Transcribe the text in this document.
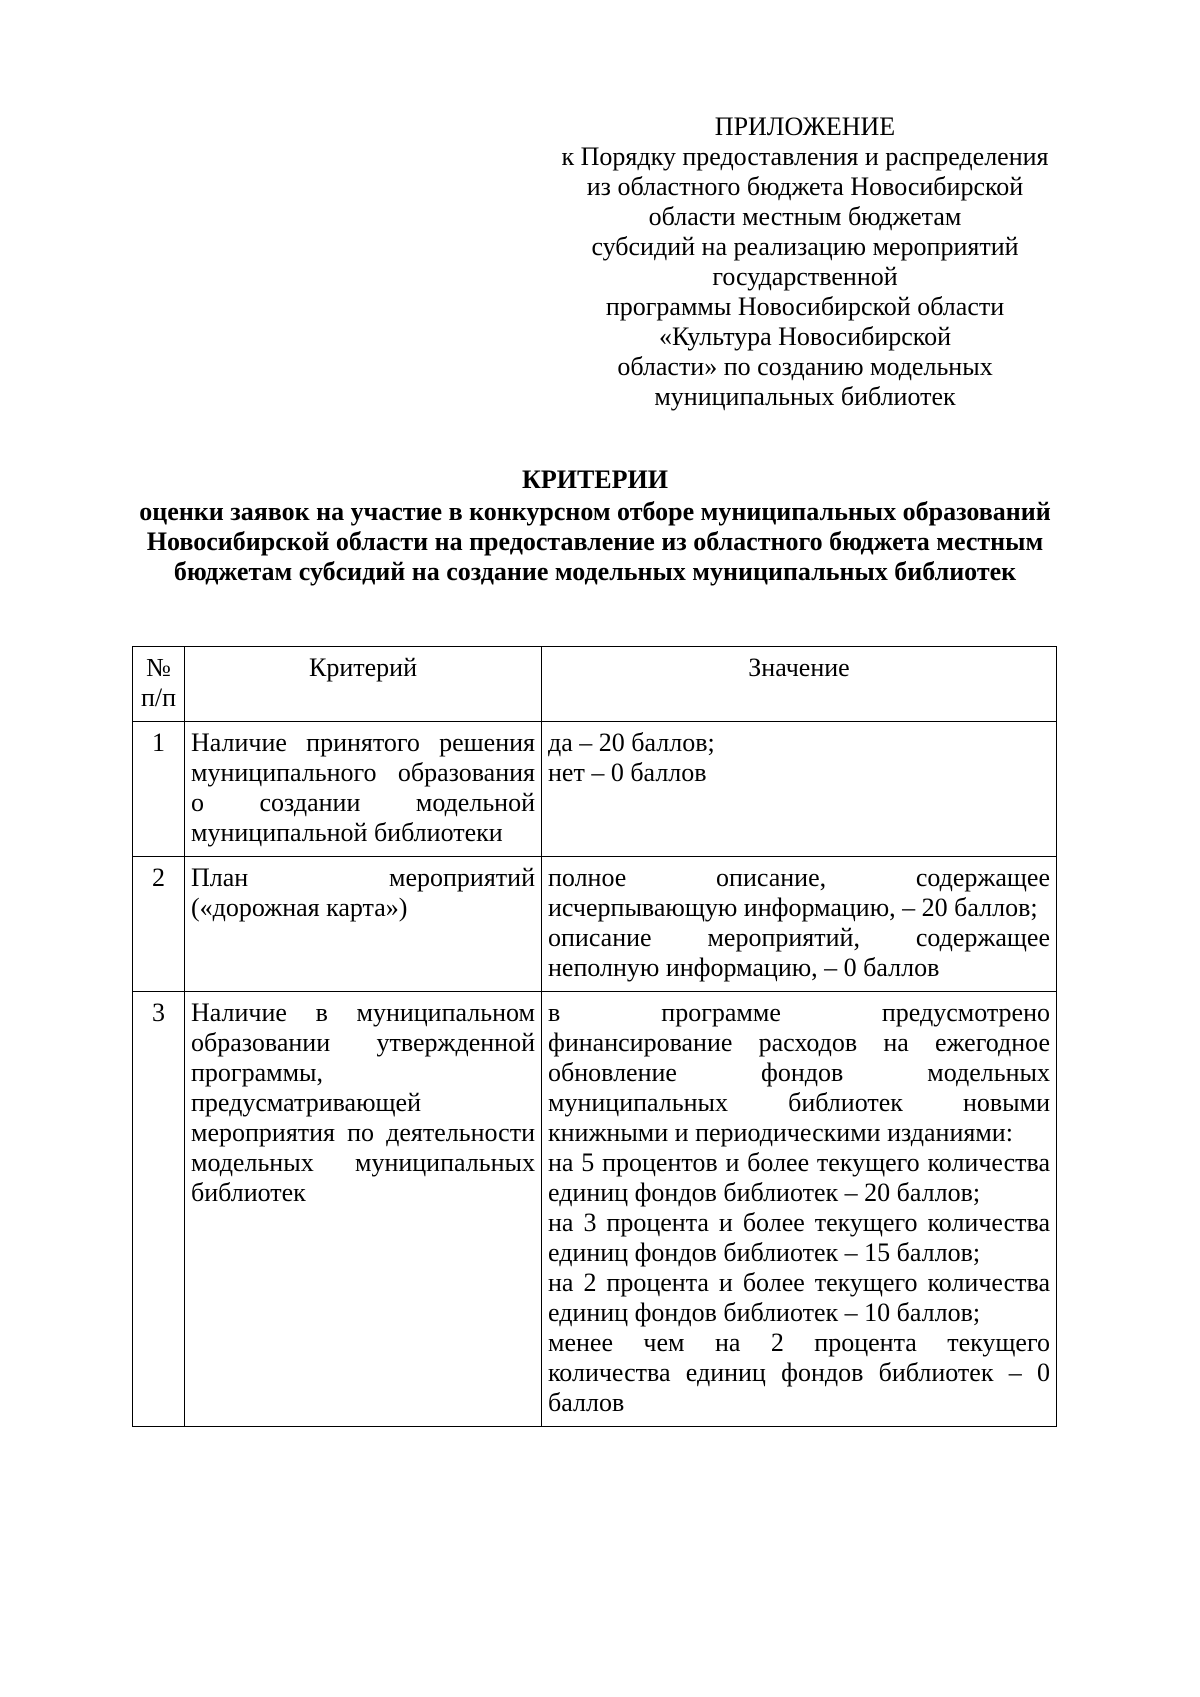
ПРИЛОЖЕНИЕ
к Порядку предоставления и распределения
из областного бюджета Новосибирской
области местным бюджетам
субсидий на реализацию мероприятий
государственной
программы Новосибирской области
«Культура Новосибирской
области» по созданию модельных
муниципальных библиотек
КРИТЕРИИ
оценки заявок на участие в конкурсном отборе муниципальных образований
Новосибирской области на предоставление из областного бюджета местным
бюджетам субсидий на создание модельных муниципальных библиотек
№ п/п	Критерий	Значение
1	Наличие принятого решения муниципального образования о создании модельной муниципальной библиотеки	да – 20 баллов;
нет – 0 баллов

2	План мероприятий («дорожная карта»)	полное описание, содержащее исчерпывающую информацию, – 20 баллов;
описание мероприятий, содержащее неполную информацию, – 0 баллов

3	Наличие в муниципальном образовании утвержденной программы, предусматривающей мероприятия по деятельности модельных муниципальных библиотек	в программе предусмотрено финансирование расходов на ежегодное обновление фондов модельных муниципальных библиотек новыми книжными и периодическими изданиями:
на 5 процентов и более текущего количества единиц фондов библиотек – 20 баллов;
на 3 процента и более текущего количества единиц фондов библиотек – 15 баллов;
на 2 процента и более текущего количества единиц фондов библиотек – 10 баллов;
менее чем на 2 процента текущего количества единиц фондов библиотек – 0 баллов
